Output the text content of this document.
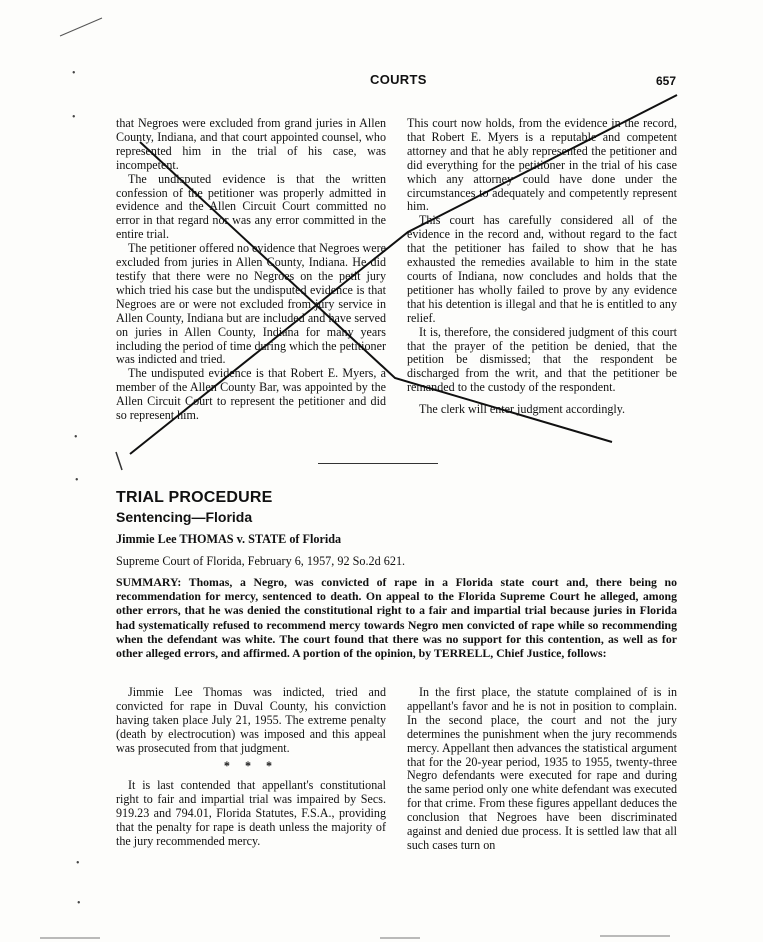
COURTS	657

that Negroes were excluded from grand juries in Allen County, Indiana, and that court appointed counsel, who represented him in the trial of his case, was incompetent.

The undisputed evidence is that the written confession of the petitioner was properly admitted in evidence and the Allen Circuit Court committed no error in that regard nor was any error committed in the entire trial.

The petitioner offered no evidence that Negroes were excluded from juries in Allen County, Indiana. He did testify that there were no Negroes on the petit jury which tried his case but the undisputed evidence is that Negroes are or were not excluded from jury service in Allen County, Indiana but are included and have served on juries in Allen County, Indiana for many years including the period of time during which the petitioner was indicted and tried.

The undisputed evidence is that Robert E. Myers, a member of the Allen County Bar, was appointed by the Allen Circuit Court to represent the petitioner and did so represent him.

This court now holds, from the evidence in the record, that Robert E. Myers is a reputable and competent attorney and that he ably represented the petitioner and did everything for the petitioner in the trial of his case which any attorney could have done under the circumstances to adequately and competently represent him.

This court has carefully considered all of the evidence in the record and, without regard to the fact that the petitioner has failed to show that he has exhausted the remedies available to him in the state courts of Indiana, now concludes and holds that the petitioner has wholly failed to prove by any evidence that his detention is illegal and that he is entitled to any relief.

It is, therefore, the considered judgment of this court that the prayer of the petition be denied, that the petition be dismissed; that the respondent be discharged from the writ, and that the petitioner be remanded to the custody of the respondent.

The clerk will enter judgment accordingly.

TRIAL PROCEDURE
Sentencing—Florida
Jimmie Lee THOMAS v. STATE of Florida
Supreme Court of Florida, February 6, 1957, 92 So.2d 621.
SUMMARY: Thomas, a Negro, was convicted of rape in a Florida state court and, there being no recommendation for mercy, sentenced to death. On appeal to the Florida Supreme Court he alleged, among other errors, that he was denied the constitutional right to a fair and impartial trial because juries in Florida had systematically refused to recommend mercy towards Negro men convicted of rape while so recommending when the defendant was white. The court found that there was no support for this contention, as well as for other alleged errors, and affirmed. A portion of the opinion, by TERRELL, Chief Justice, follows:

Jimmie Lee Thomas was indicted, tried and convicted for rape in Duval County, his conviction having taken place July 21, 1955. The extreme penalty (death by electrocution) was imposed and this appeal was prosecuted from that judgment.

* * *

It is last contended that appellant's constitutional right to fair and impartial trial was impaired by Secs. 919.23 and 794.01, Florida Statutes, F.S.A., providing that the penalty for rape is death unless the majority of the jury recommended mercy.

In the first place, the statute complained of is in appellant's favor and he is not in position to complain. In the second place, the court and not the jury determines the punishment when the jury recommends mercy. Appellant then advances the statistical argument that for the 20-year period, 1935 to 1955, twenty-three Negro defendants were executed for rape and during the same period only one white defendant was executed for that crime. From these figures appellant deduces the conclusion that Negroes have been discriminated against and denied due process. It is settled law that all such cases turn on

•
•
•
•
•
•
